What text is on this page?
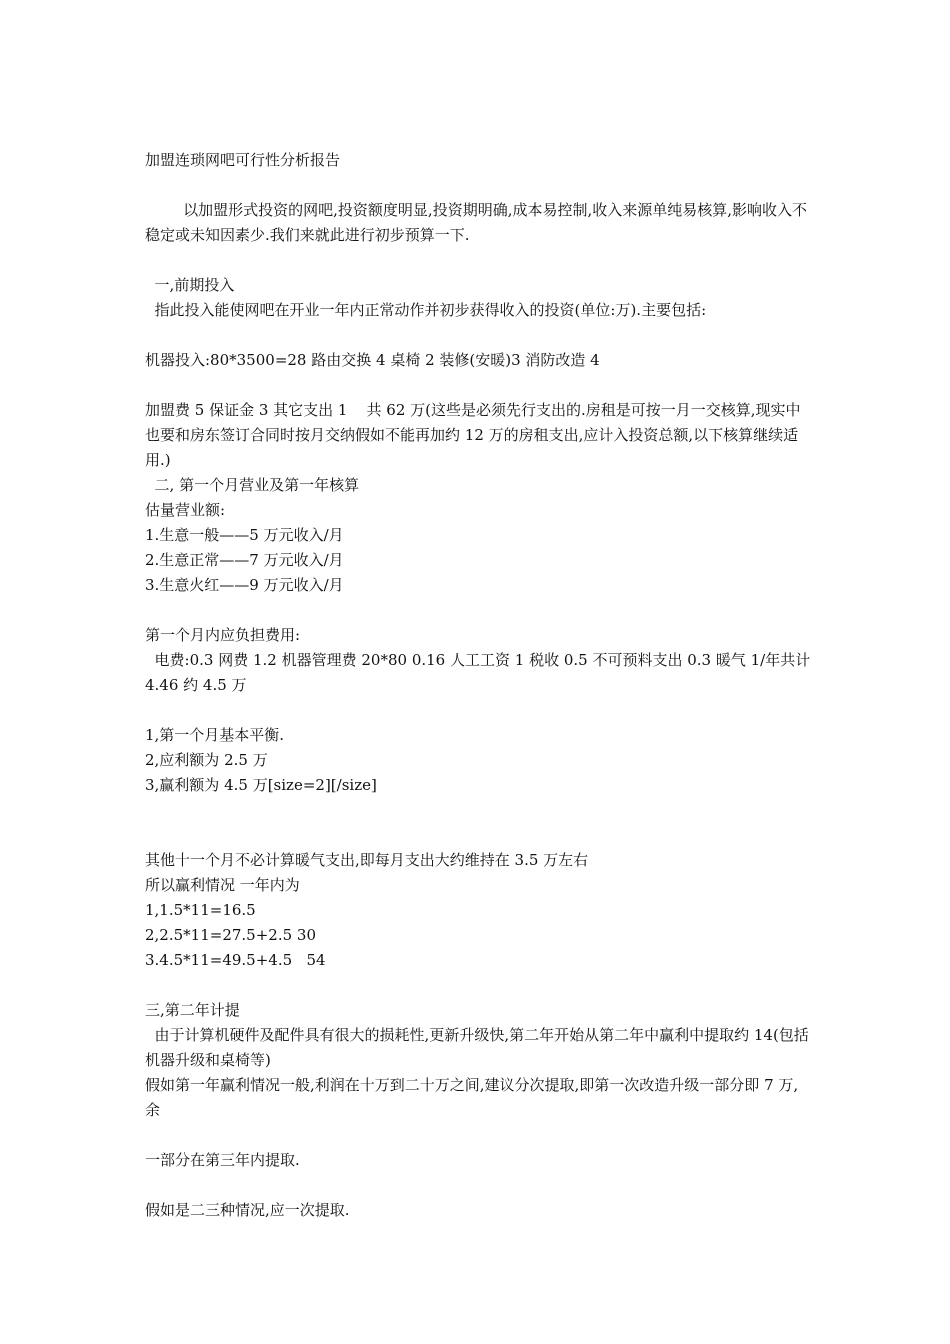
加盟连琐网吧可行性分析报告

以加盟形式投资的网吧,投资额度明显,投资期明确,成本易控制,收入来源单纯易核算,影响收入不稳定或未知因素少.我们来就此进行初步预算一下.

一,前期投入

指此投入能使网吧在开业一年内正常动作并初步获得收入的投资(单位:万).主要包括:

机器投入:80*3500=28 路由交换 4 桌椅 2 装修(安暖)3 消防改造 4

加盟费 5 保证金 3 其它支出 1    共 62 万(这些是必须先行支出的.房租是可按一月一交核算,现实中也要和房东签订合同时按月交纳假如不能再加约 12 万的房租支出,应计入投资总额,以下核算继续适用.)

二, 第一个月营业及第一年核算

估量营业额:

1.生意一般——5 万元收入/月

2.生意正常——7 万元收入/月

3.生意火红——9 万元收入/月

第一个月内应负担费用:

电费:0.3 网费 1.2 机器管理费 20*80 0.16 人工工资 1 税收 0.5 不可预料支出 0.3 暖气 1/年共计 4.46 约 4.5 万

1,第一个月基本平衡.

2,应利额为 2.5 万

3,赢利额为 4.5 万[size=2][/size]

其他十一个月不必计算暖气支出,即每月支出大约维持在 3.5 万左右

所以赢利情况 一年内为

1,1.5*11=16.5

2,2.5*11=27.5+2.5 30

3.4.5*11=49.5+4.5   54

三,第二年计提

由于计算机硬件及配件具有很大的损耗性,更新升级快,第二年开始从第二年中赢利中提取约 14(包括机器升级和桌椅等)

假如第一年赢利情况一般,利润在十万到二十万之间,建议分次提取,即第一次改造升级一部分即 7 万,余

一部分在第三年内提取.

假如是二三种情况,应一次提取.
